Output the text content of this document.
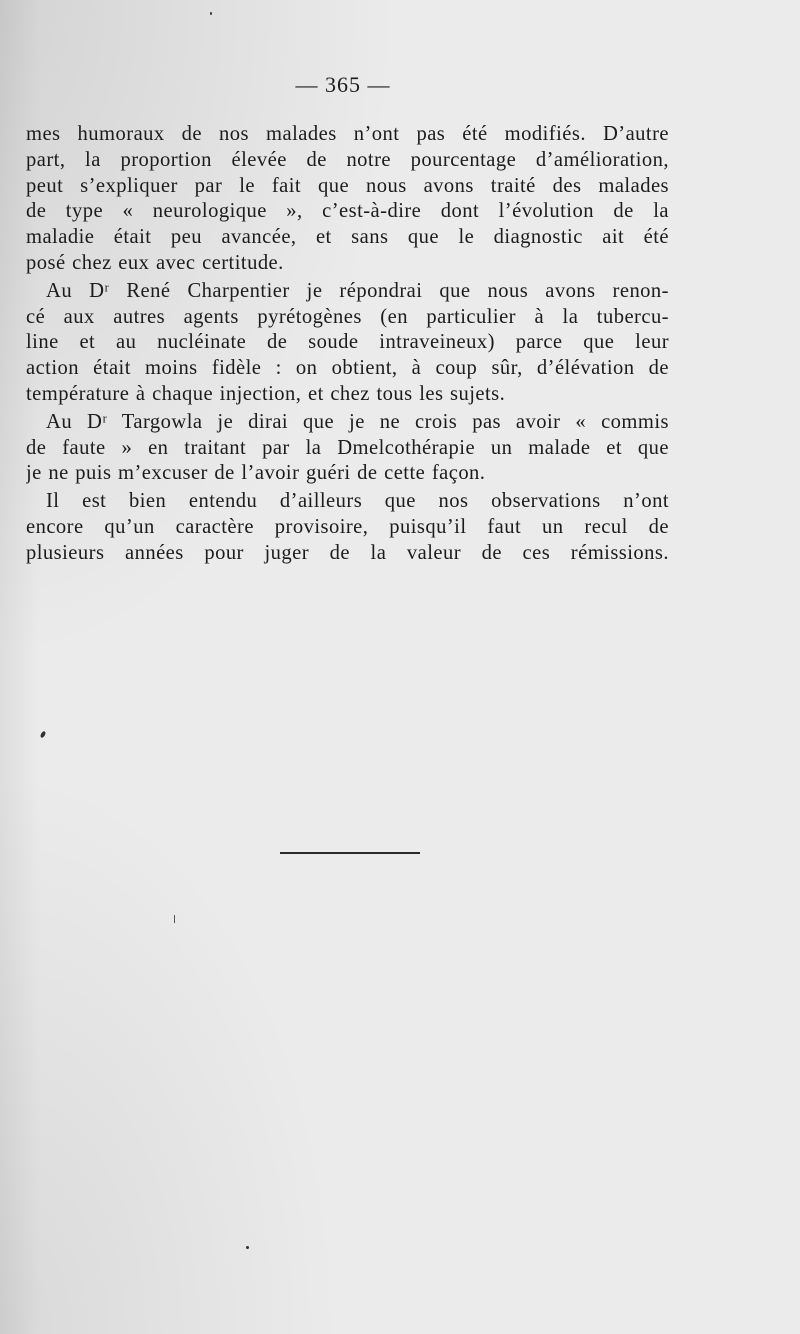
— 365 —
mes humoraux de nos malades n’ont pas été modifiés. D’autre
part, la proportion élevée de notre pourcentage d’amélioration,
peut s’expliquer par le fait que nous avons traité des malades
de type « neurologique », c’est-à-dire dont l’évolution de la
maladie était peu avancée, et sans que le diagnostic ait été
posé chez eux avec certitude.
Au Dʳ René Charpentier je répondrai que nous avons renon-
cé aux autres agents pyrétogènes (en particulier à la tubercu-
line et au nucléinate de soude intraveineux) parce que leur
action était moins fidèle : on obtient, à coup sûr, d’élévation de
température à chaque injection, et chez tous les sujets.
Au Dʳ Targowla je dirai que je ne crois pas avoir « commis
de faute » en traitant par la Dmelcothérapie un malade et que
je ne puis m’excuser de l’avoir guéri de cette façon.
Il est bien entendu d’ailleurs que nos observations n’ont
encore qu’un caractère provisoire, puisqu’il faut un recul de
plusieurs années pour juger de la valeur de ces rémissions.
